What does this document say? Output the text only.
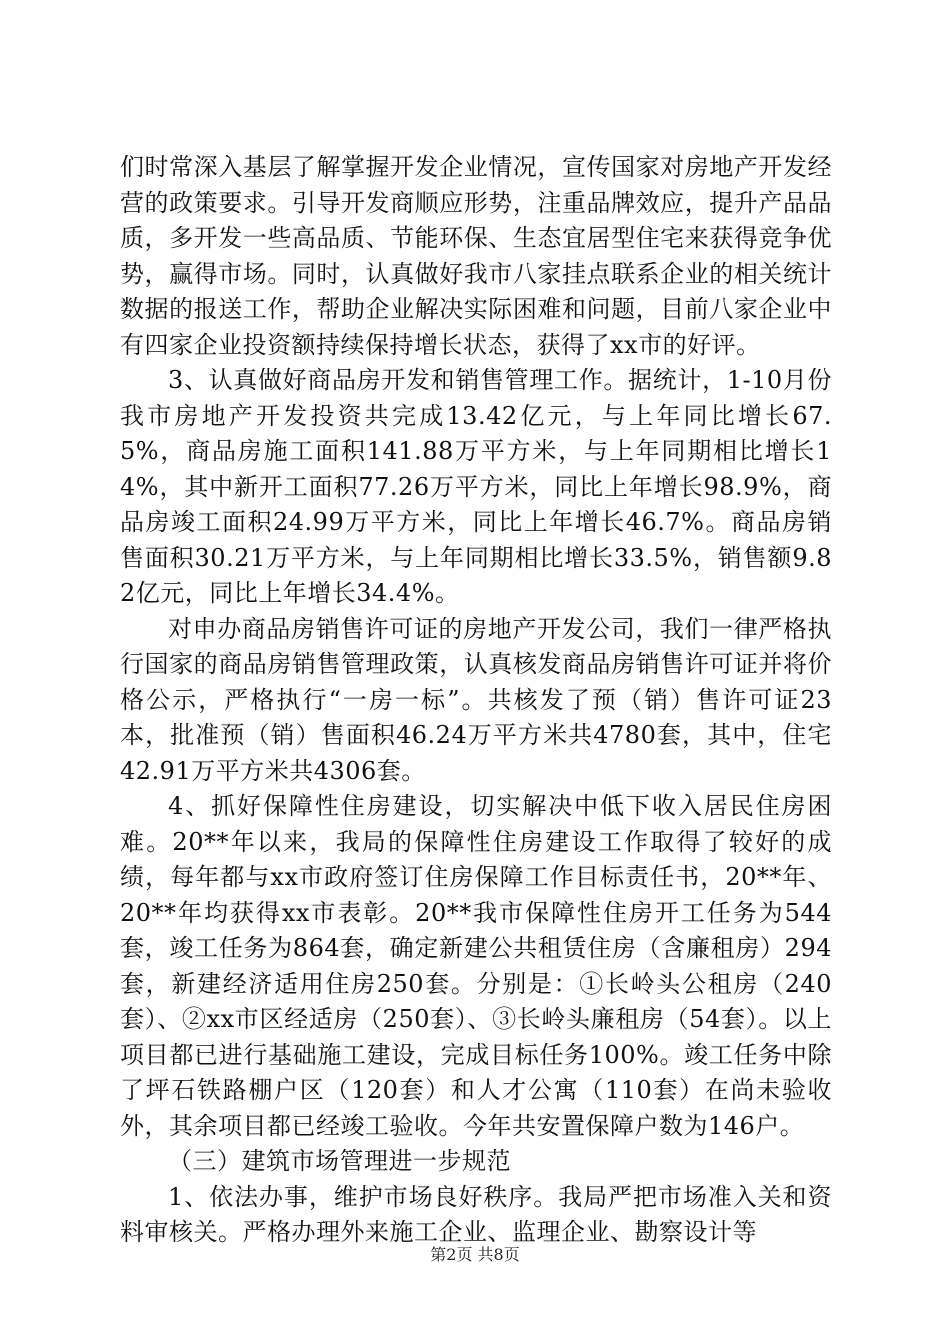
们时常深入基层了解掌握开发企业情况，宣传国家对房地产开发经营的政策要求。引导开发商顺应形势，注重品牌效应，提升产品品质，多开发一些高品质、节能环保、生态宜居型住宅来获得竞争优势，赢得市场。同时，认真做好我市八家挂点联系企业的相关统计数据的报送工作，帮助企业解决实际困难和问题，目前八家企业中有四家企业投资额持续保持增长状态，获得了xx市的好评。

3、认真做好商品房开发和销售管理工作。据统计，1-10月份我市房地产开发投资共完成13.42亿元，与上年同比增长67.5%，商品房施工面积141.88万平方米，与上年同期相比增长14%，其中新开工面积77.26万平方米，同比上年增长98.9%，商品房竣工面积24.99万平方米，同比上年增长46.7%。商品房销售面积30.21万平方米，与上年同期相比增长33.5%，销售额9.82亿元，同比上年增长34.4%。

对申办商品房销售许可证的房地产开发公司，我们一律严格执行国家的商品房销售管理政策，认真核发商品房销售许可证并将价格公示，严格执行“一房一标”。共核发了预（销）售许可证23本，批准预（销）售面积46.24万平方米共4780套，其中，住宅42.91万平方米共4306套。

4、抓好保障性住房建设，切实解决中低下收入居民住房困难。20**年以来，我局的保障性住房建设工作取得了较好的成绩，每年都与xx市政府签订住房保障工作目标责任书，20**年、20**年均获得xx市表彰。20**我市保障性住房开工任务为544套，竣工任务为864套，确定新建公共租赁住房（含廉租房）294套，新建经济适用住房250套。分别是：①长岭头公租房（240套）、②xx市区经适房（250套）、③长岭头廉租房（54套）。以上项目都已进行基础施工建设，完成目标任务100%。竣工任务中除了坪石铁路棚户区（120套）和人才公寓（110套）在尚未验收外，其余项目都已经竣工验收。今年共安置保障户数为146户。

（三）建筑市场管理进一步规范

1、依法办事，维护市场良好秩序。我局严把市场准入关和资料审核关。严格办理外来施工企业、监理企业、勘察设计等

第2页 共8页
